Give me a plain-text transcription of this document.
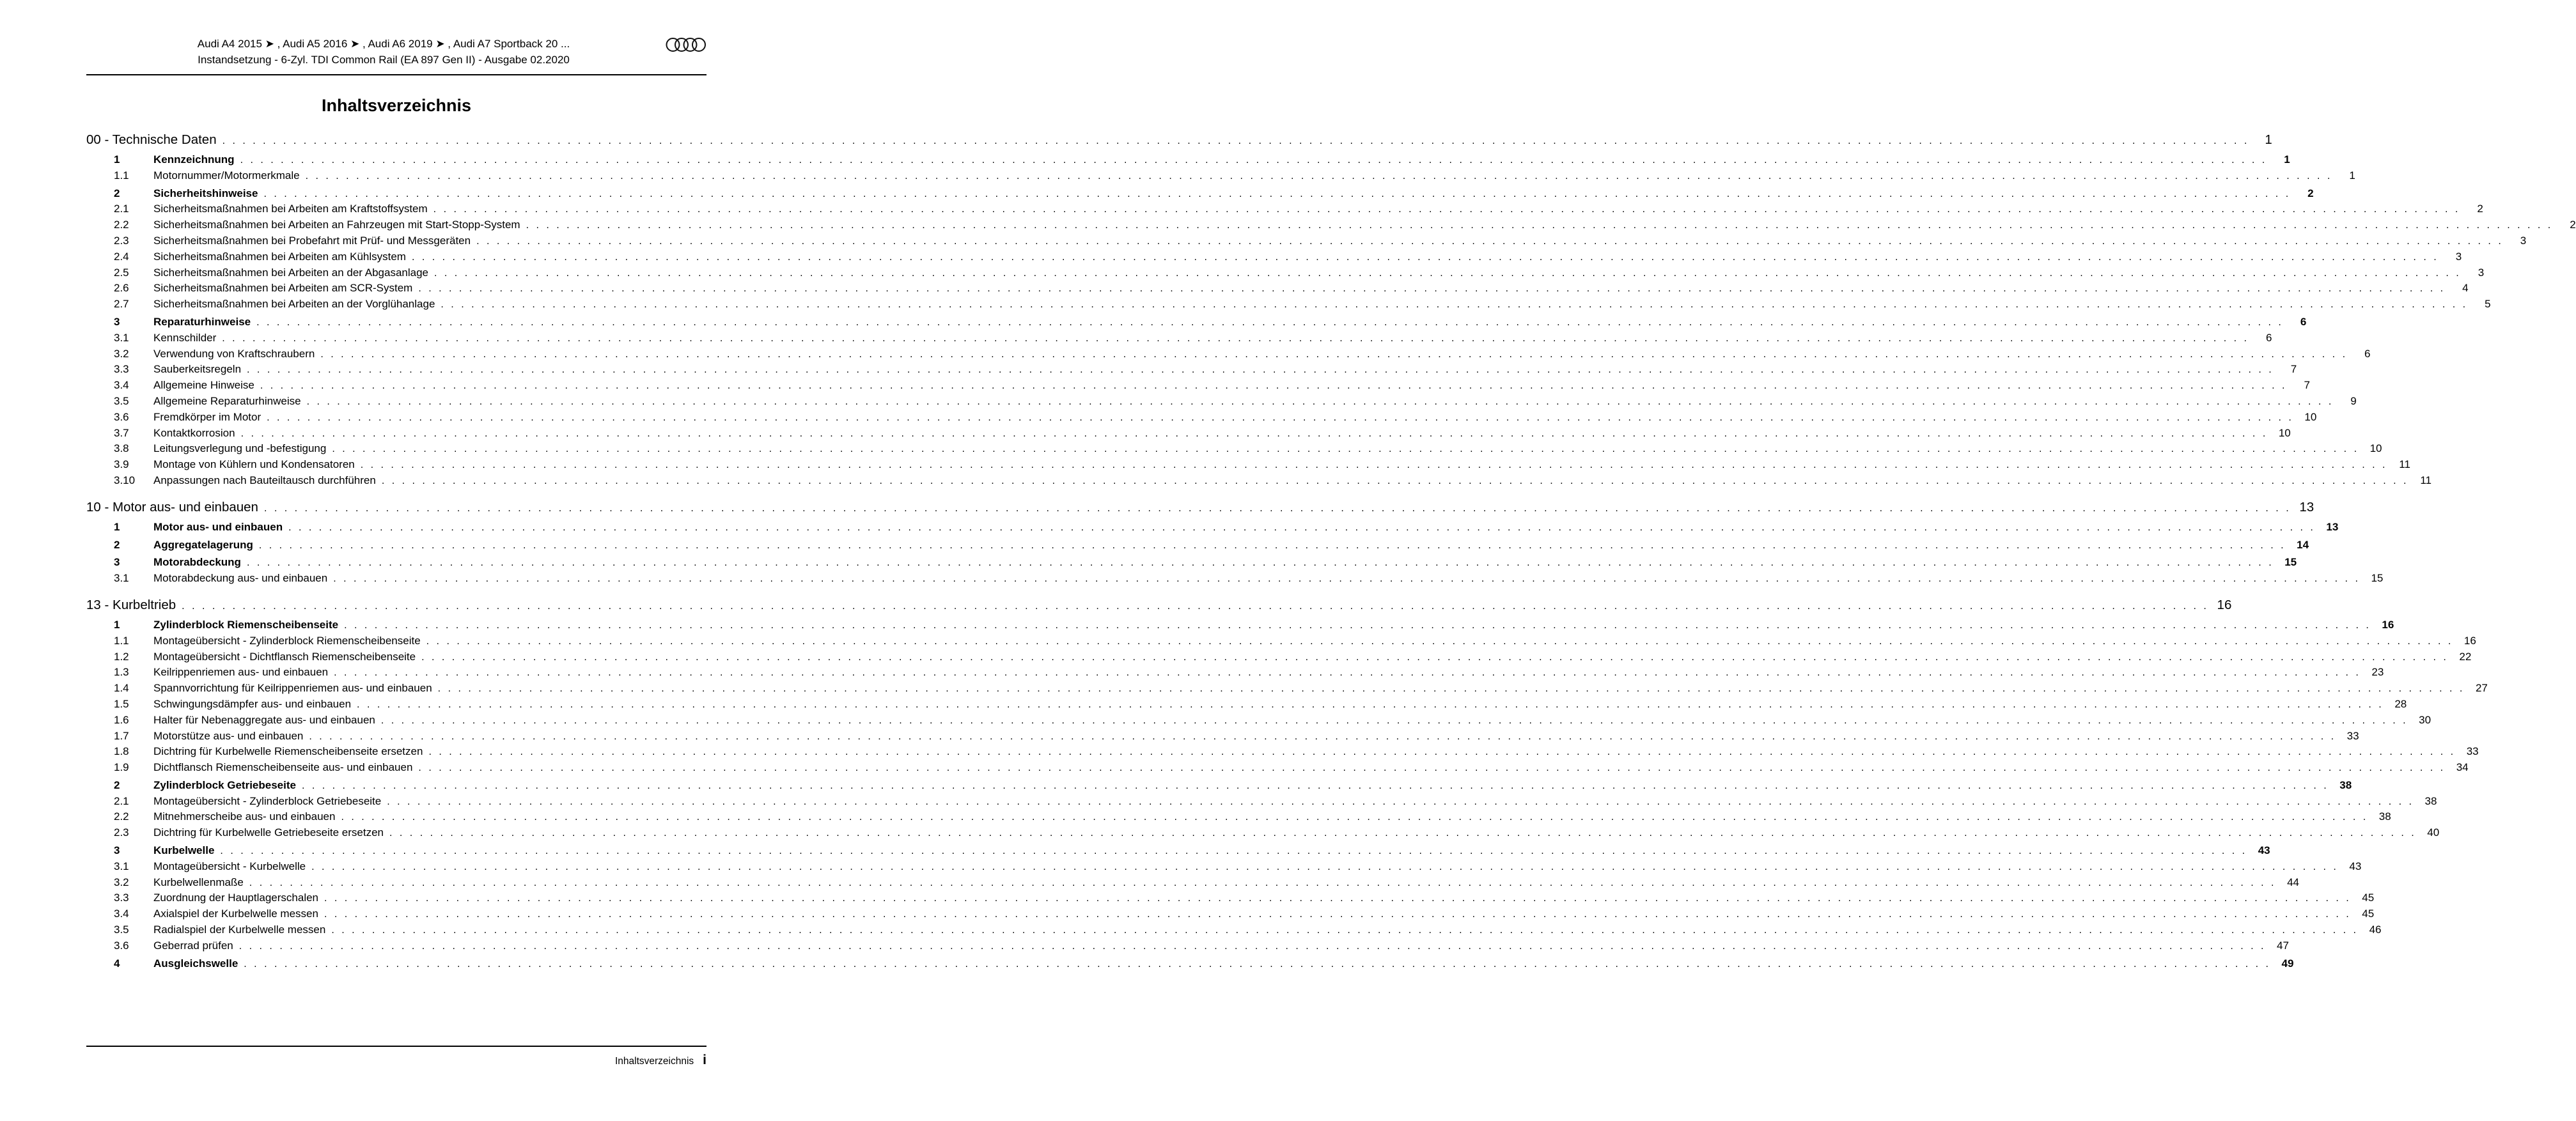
Audi A4 2015 ➤ , Audi A5 2016 ➤ , Audi A6 2019 ➤ , Audi A7 Sportback 20 ...
Instandsetzung - 6-Zyl. TDI Common Rail (EA 897 Gen II) - Ausgabe 02.2020
Inhaltsverzeichnis
00 - Technische Daten . . . . . . . . . . . . . . . . . . . . . . . . . . . . . . . . . . . . . . . . . . . . . . . . . . . . . . . . . . . . . . . . . . . . . . . . . . . . . . . . . . . . . . . . . . . . . . . . . . . . . . . . . . . . . . . . . . . . . . . . . . . . . . . . . . . . . . . . . . . . . . . . . . . . . . . . . . . . . . . . . . . . . . . . . . . . . . . . . . . . . . . . . . . . . . . . . . . . . . . .	1
1	Kennzeichnung . . . . . . . . . . . . . . . . . . . . . . . . . . . . . . . . . . . . . . . . . . . . . . . . . . . . . . . . . . . . . . . . . . . . . . . . . . . . . . . . . . . . . . . . . . . . . . . . . . . . . . . . . . . . . . . . . . . . . . . . . . . . . . . . . . . . . . . . . . . . . . . . . . . . . . . . . . . . . . . . . . . . . . . . . . . . . . . . . . . . . . . . . . . . . . . . . . . . . . . .	1
1.1	Motornummer/Motormerkmale . . . . . . . . . . . . . . . . . . . . . . . . . . . . . . . . . . . . . . . . . . . . . . . . . . . . . . . . . . . . . . . . . . . . . . . . . . . . . . . . . . . . . . . . . . . . . . . . . . . . . . . . . . . . . . . . . . . . . . . . . . . . . . . . . . . . . . . . . . . . . . . . . . . . . . . . . . . . . . . . . . . . . . . . . . . . . . . . . . . . . . . . . . . . . . . . . . . . . . . .	1
2	Sicherheitshinweise . . . . . . . . . . . . . . . . . . . . . . . . . . . . . . . . . . . . . . . . . . . . . . . . . . . . . . . . . . . . . . . . . . . . . . . . . . . . . . . . . . . . . . . . . . . . . . . . . . . . . . . . . . . . . . . . . . . . . . . . . . . . . . . . . . . . . . . . . . . . . . . . . . . . . . . . . . . . . . . . . . . . . . . . . . . . . . . . . . . . . . . . . . . . . . . . . . . . . . . .	2
2.1	Sicherheitsmaßnahmen bei Arbeiten am Kraftstoffsystem . . . . . . . . . . . . . . . . . . . . . . . . . . . . . . . . . . . . . . . . . . . . . . . . . . . . . . . . . . . . . . . . . . . . . . . . . . . . . . . . . . . . . . . . . . . . . . . . . . . . . . . . . . . . . . . . . . . . . . . . . . . . . . . . . . . . . . . . . . . . . . . . . . . . . . . . . . . . . . . . . . . . . . . . . . . . . . . . . . . . . . . . . . . . . . . . . . . . . . . .	2
2.2	Sicherheitsmaßnahmen bei Arbeiten an Fahrzeugen mit Start-Stopp-System . . . . . . . . . . . . . . . . . . . . . . . . . . . . . . . . . . . . . . . . . . . . . . . . . . . . . . . . . . . . . . . . . . . . . . . . . . . . . . . . . . . . . . . . . . . . . . . . . . . . . . . . . . . . . . . . . . . . . . . . . . . . . . . . . . . . . . . . . . . . . . . . . . . . . . . . . . . . . . . . . . . . . . . . . . . . . . . . . . . . . . . . . . . . . . . . . . . . . . . .	2
2.3	Sicherheitsmaßnahmen bei Probefahrt mit Prüf- und Messgeräten . . . . . . . . . . . . . . . . . . . . . . . . . . . . . . . . . . . . . . . . . . . . . . . . . . . . . . . . . . . . . . . . . . . . . . . . . . . . . . . . . . . . . . . . . . . . . . . . . . . . . . . . . . . . . . . . . . . . . . . . . . . . . . . . . . . . . . . . . . . . . . . . . . . . . . . . . . . . . . . . . . . . . . . . . . . . . . . . . . . . . . . . . . . . . . . . . . . . . . . .	3
2.4	Sicherheitsmaßnahmen bei Arbeiten am Kühlsystem . . . . . . . . . . . . . . . . . . . . . . . . . . . . . . . . . . . . . . . . . . . . . . . . . . . . . . . . . . . . . . . . . . . . . . . . . . . . . . . . . . . . . . . . . . . . . . . . . . . . . . . . . . . . . . . . . . . . . . . . . . . . . . . . . . . . . . . . . . . . . . . . . . . . . . . . . . . . . . . . . . . . . . . . . . . . . . . . . . . . . . . . . . . . . . . . . . . . . . . .	3
2.5	Sicherheitsmaßnahmen bei Arbeiten an der Abgasanlage . . . . . . . . . . . . . . . . . . . . . . . . . . . . . . . . . . . . . . . . . . . . . . . . . . . . . . . . . . . . . . . . . . . . . . . . . . . . . . . . . . . . . . . . . . . . . . . . . . . . . . . . . . . . . . . . . . . . . . . . . . . . . . . . . . . . . . . . . . . . . . . . . . . . . . . . . . . . . . . . . . . . . . . . . . . . . . . . . . . . . . . . . . . . . . . . . . . . . . . .	3
2.6	Sicherheitsmaßnahmen bei Arbeiten am SCR-System . . . . . . . . . . . . . . . . . . . . . . . . . . . . . . . . . . . . . . . . . . . . . . . . . . . . . . . . . . . . . . . . . . . . . . . . . . . . . . . . . . . . . . . . . . . . . . . . . . . . . . . . . . . . . . . . . . . . . . . . . . . . . . . . . . . . . . . . . . . . . . . . . . . . . . . . . . . . . . . . . . . . . . . . . . . . . . . . . . . . . . . . . . . . . . . . . . . . . . . .	4
2.7	Sicherheitsmaßnahmen bei Arbeiten an der Vorglühanlage . . . . . . . . . . . . . . . . . . . . . . . . . . . . . . . . . . . . . . . . . . . . . . . . . . . . . . . . . . . . . . . . . . . . . . . . . . . . . . . . . . . . . . . . . . . . . . . . . . . . . . . . . . . . . . . . . . . . . . . . . . . . . . . . . . . . . . . . . . . . . . . . . . . . . . . . . . . . . . . . . . . . . . . . . . . . . . . . . . . . . . . . . . . . . . . . . . . . . . . .	5
3	Reparaturhinweise . . . . . . . . . . . . . . . . . . . . . . . . . . . . . . . . . . . . . . . . . . . . . . . . . . . . . . . . . . . . . . . . . . . . . . . . . . . . . . . . . . . . . . . . . . . . . . . . . . . . . . . . . . . . . . . . . . . . . . . . . . . . . . . . . . . . . . . . . . . . . . . . . . . . . . . . . . . . . . . . . . . . . . . . . . . . . . . . . . . . . . . . . . . . . . . . . . . . . . . .	6
3.1	Kennschilder . . . . . . . . . . . . . . . . . . . . . . . . . . . . . . . . . . . . . . . . . . . . . . . . . . . . . . . . . . . . . . . . . . . . . . . . . . . . . . . . . . . . . . . . . . . . . . . . . . . . . . . . . . . . . . . . . . . . . . . . . . . . . . . . . . . . . . . . . . . . . . . . . . . . . . . . . . . . . . . . . . . . . . . . . . . . . . . . . . . . . . . . . . . . . . . . . . . . . . . .	6
3.2	Verwendung von Kraftschraubern . . . . . . . . . . . . . . . . . . . . . . . . . . . . . . . . . . . . . . . . . . . . . . . . . . . . . . . . . . . . . . . . . . . . . . . . . . . . . . . . . . . . . . . . . . . . . . . . . . . . . . . . . . . . . . . . . . . . . . . . . . . . . . . . . . . . . . . . . . . . . . . . . . . . . . . . . . . . . . . . . . . . . . . . . . . . . . . . . . . . . . . . . . . . . . . . . . . . . . . .	6
3.3	Sauberkeitsregeln . . . . . . . . . . . . . . . . . . . . . . . . . . . . . . . . . . . . . . . . . . . . . . . . . . . . . . . . . . . . . . . . . . . . . . . . . . . . . . . . . . . . . . . . . . . . . . . . . . . . . . . . . . . . . . . . . . . . . . . . . . . . . . . . . . . . . . . . . . . . . . . . . . . . . . . . . . . . . . . . . . . . . . . . . . . . . . . . . . . . . . . . . . . . . . . . . . . . . . . .	7
3.4	Allgemeine Hinweise . . . . . . . . . . . . . . . . . . . . . . . . . . . . . . . . . . . . . . . . . . . . . . . . . . . . . . . . . . . . . . . . . . . . . . . . . . . . . . . . . . . . . . . . . . . . . . . . . . . . . . . . . . . . . . . . . . . . . . . . . . . . . . . . . . . . . . . . . . . . . . . . . . . . . . . . . . . . . . . . . . . . . . . . . . . . . . . . . . . . . . . . . . . . . . . . . . . . . . . .	7
3.5	Allgemeine Reparaturhinweise . . . . . . . . . . . . . . . . . . . . . . . . . . . . . . . . . . . . . . . . . . . . . . . . . . . . . . . . . . . . . . . . . . . . . . . . . . . . . . . . . . . . . . . . . . . . . . . . . . . . . . . . . . . . . . . . . . . . . . . . . . . . . . . . . . . . . . . . . . . . . . . . . . . . . . . . . . . . . . . . . . . . . . . . . . . . . . . . . . . . . . . . . . . . . . . . . . . . . . . .	9
3.6	Fremdkörper im Motor . . . . . . . . . . . . . . . . . . . . . . . . . . . . . . . . . . . . . . . . . . . . . . . . . . . . . . . . . . . . . . . . . . . . . . . . . . . . . . . . . . . . . . . . . . . . . . . . . . . . . . . . . . . . . . . . . . . . . . . . . . . . . . . . . . . . . . . . . . . . . . . . . . . . . . . . . . . . . . . . . . . . . . . . . . . . . . . . . . . . . . . . . . . . . . . . . . . . . . . .	10
3.7	Kontaktkorrosion . . . . . . . . . . . . . . . . . . . . . . . . . . . . . . . . . . . . . . . . . . . . . . . . . . . . . . . . . . . . . . . . . . . . . . . . . . . . . . . . . . . . . . . . . . . . . . . . . . . . . . . . . . . . . . . . . . . . . . . . . . . . . . . . . . . . . . . . . . . . . . . . . . . . . . . . . . . . . . . . . . . . . . . . . . . . . . . . . . . . . . . . . . . . . . . . . . . . . . . .	10
3.8	Leitungsverlegung und -befestigung . . . . . . . . . . . . . . . . . . . . . . . . . . . . . . . . . . . . . . . . . . . . . . . . . . . . . . . . . . . . . . . . . . . . . . . . . . . . . . . . . . . . . . . . . . . . . . . . . . . . . . . . . . . . . . . . . . . . . . . . . . . . . . . . . . . . . . . . . . . . . . . . . . . . . . . . . . . . . . . . . . . . . . . . . . . . . . . . . . . . . . . . . . . . . . . . . . . . . . . .	10
3.9	Montage von Kühlern und Kondensatoren . . . . . . . . . . . . . . . . . . . . . . . . . . . . . . . . . . . . . . . . . . . . . . . . . . . . . . . . . . . . . . . . . . . . . . . . . . . . . . . . . . . . . . . . . . . . . . . . . . . . . . . . . . . . . . . . . . . . . . . . . . . . . . . . . . . . . . . . . . . . . . . . . . . . . . . . . . . . . . . . . . . . . . . . . . . . . . . . . . . . . . . . . . . . . . . . . . . . . . . .	11
3.10	Anpassungen nach Bauteiltausch durchführen . . . . . . . . . . . . . . . . . . . . . . . . . . . . . . . . . . . . . . . . . . . . . . . . . . . . . . . . . . . . . . . . . . . . . . . . . . . . . . . . . . . . . . . . . . . . . . . . . . . . . . . . . . . . . . . . . . . . . . . . . . . . . . . . . . . . . . . . . . . . . . . . . . . . . . . . . . . . . . . . . . . . . . . . . . . . . . . . . . . . . . . . . . . . . . . . . . . . . . . .	11
10 - Motor aus- und einbauen . . . . . . . . . . . . . . . . . . . . . . . . . . . . . . . . . . . . . . . . . . . . . . . . . . . . . . . . . . . . . . . . . . . . . . . . . . . . . . . . . . . . . . . . . . . . . . . . . . . . . . . . . . . . . . . . . . . . . . . . . . . . . . . . . . . . . . . . . . . . . . . . . . . . . . . . . . . . . . . . . . . . . . . . . . . . . . . . . . . . . . . . . . . . . . . . . . . . . . . . 13
1	Motor aus- und einbauen . . . . . . . . . . . . . . . . . . . . . . . . . . . . . . . . . . . . . . . . . . . . . . . . . . . . . . . . . . . . . . . . . . . . . . . . . . . . . . . . . . . . . . . . . . . . . . . . . . . . . . . . . . . . . . . . . . . . . . . . . . . . . . . . . . . . . . . . . . . . . . . . . . . . . . . . . . . . . . . . . . . . . . . . . . . . . . . . . . . . . . . . . . . . . . . . . . . . . . . .	13
2	Aggregatelagerung . . . . . . . . . . . . . . . . . . . . . . . . . . . . . . . . . . . . . . . . . . . . . . . . . . . . . . . . . . . . . . . . . . . . . . . . . . . . . . . . . . . . . . . . . . . . . . . . . . . . . . . . . . . . . . . . . . . . . . . . . . . . . . . . . . . . . . . . . . . . . . . . . . . . . . . . . . . . . . . . . . . . . . . . . . . . . . . . . . . . . . . . . . . . . . . . . . . . . . . .	14
3	Motorabdeckung . . . . . . . . . . . . . . . . . . . . . . . . . . . . . . . . . . . . . . . . . . . . . . . . . . . . . . . . . . . . . . . . . . . . . . . . . . . . . . . . . . . . . . . . . . . . . . . . . . . . . . . . . . . . . . . . . . . . . . . . . . . . . . . . . . . . . . . . . . . . . . . . . . . . . . . . . . . . . . . . . . . . . . . . . . . . . . . . . . . . . . . . . . . . . . . . . . . . . . . .	15
3.1	Motorabdeckung aus- und einbauen . . . . . . . . . . . . . . . . . . . . . . . . . . . . . . . . . . . . . . . . . . . . . . . . . . . . . . . . . . . . . . . . . . . . . . . . . . . . . . . . . . . . . . . . . . . . . . . . . . . . . . . . . . . . . . . . . . . . . . . . . . . . . . . . . . . . . . . . . . . . . . . . . . . . . . . . . . . . . . . . . . . . . . . . . . . . . . . . . . . . . . . . . . . . . . . . . . . . . . . .	15
13 - Kurbeltrieb . . . . . . . . . . . . . . . . . . . . . . . . . . . . . . . . . . . . . . . . . . . . . . . . . . . . . . . . . . . . . . . . . . . . . . . . . . . . . . . . . . . . . . . . . . . . . . . . . . . . . . . . . . . . . . . . . . . . . . . . . . . . . . . . . . . . . . . . . . . . . . . . . . . . . . . . . . . . . . . . . . . . . . . . . . . . . . . . . . . . . . . . . . . . . . . . . . . . . . . . 16
1	Zylinderblock Riemenscheibenseite . . . . . . . . . . . . . . . . . . . . . . . . . . . . . . . . . . . . . . . . . . . . . . . . . . . . . . . . . . . . . . . . . . . . . . . . . . . . . . . . . . . . . . . . . . . . . . . . . . . . . . . . . . . . . . . . . . . . . . . . . . . . . . . . . . . . . . . . . . . . . . . . . . . . . . . . . . . . . . . . . . . . . . . . . . . . . . . . . . . . . . . . . . . . . . . . . . . . . . . .	16
1.1	Montageübersicht - Zylinderblock Riemenscheibenseite . . . . . . . . . . . . . . . . . . . . . . . . . . . . . . . . . . . . . . . . . . . . . . . . . . . . . . . . . . . . . . . . . . . . . . . . . . . . . . . . . . . . . . . . . . . . . . . . . . . . . . . . . . . . . . . . . . . . . . . . . . . . . . . . . . . . . . . . . . . . . . . . . . . . . . . . . . . . . . . . . . . . . . . . . . . . . . . . . . . . . . . . . . . . . . . . . . . . . . . .	16
1.2	Montageübersicht - Dichtflansch Riemenscheibenseite . . . . . . . . . . . . . . . . . . . . . . . . . . . . . . . . . . . . . . . . . . . . . . . . . . . . . . . . . . . . . . . . . . . . . . . . . . . . . . . . . . . . . . . . . . . . . . . . . . . . . . . . . . . . . . . . . . . . . . . . . . . . . . . . . . . . . . . . . . . . . . . . . . . . . . . . . . . . . . . . . . . . . . . . . . . . . . . . . . . . . . . . . . . . . . . . . . . . . . . .	22
1.3	Keilrippenriemen aus- und einbauen . . . . . . . . . . . . . . . . . . . . . . . . . . . . . . . . . . . . . . . . . . . . . . . . . . . . . . . . . . . . . . . . . . . . . . . . . . . . . . . . . . . . . . . . . . . . . . . . . . . . . . . . . . . . . . . . . . . . . . . . . . . . . . . . . . . . . . . . . . . . . . . . . . . . . . . . . . . . . . . . . . . . . . . . . . . . . . . . . . . . . . . . . . . . . . . . . . . . . . . .	23
1.4	Spannvorrichtung für Keilrippenriemen aus- und einbauen . . . . . . . . . . . . . . . . . . . . . . . . . . . . . . . . . . . . . . . . . . . . . . . . . . . . . . . . . . . . . . . . . . . . . . . . . . . . . . . . . . . . . . . . . . . . . . . . . . . . . . . . . . . . . . . . . . . . . . . . . . . . . . . . . . . . . . . . . . . . . . . . . . . . . . . . . . . . . . . . . . . . . . . . . . . . . . . . . . . . . . . . . . . . . . . . . . . . . . . .	27
1.5	Schwingungsdämpfer aus- und einbauen . . . . . . . . . . . . . . . . . . . . . . . . . . . . . . . . . . . . . . . . . . . . . . . . . . . . . . . . . . . . . . . . . . . . . . . . . . . . . . . . . . . . . . . . . . . . . . . . . . . . . . . . . . . . . . . . . . . . . . . . . . . . . . . . . . . . . . . . . . . . . . . . . . . . . . . . . . . . . . . . . . . . . . . . . . . . . . . . . . . . . . . . . . . . . . . . . . . . . . . .	28
1.6	Halter für Nebenaggregate aus- und einbauen . . . . . . . . . . . . . . . . . . . . . . . . . . . . . . . . . . . . . . . . . . . . . . . . . . . . . . . . . . . . . . . . . . . . . . . . . . . . . . . . . . . . . . . . . . . . . . . . . . . . . . . . . . . . . . . . . . . . . . . . . . . . . . . . . . . . . . . . . . . . . . . . . . . . . . . . . . . . . . . . . . . . . . . . . . . . . . . . . . . . . . . . . . . . . . . . . . . . . . . .	30
1.7	Motorstütze aus- und einbauen . . . . . . . . . . . . . . . . . . . . . . . . . . . . . . . . . . . . . . . . . . . . . . . . . . . . . . . . . . . . . . . . . . . . . . . . . . . . . . . . . . . . . . . . . . . . . . . . . . . . . . . . . . . . . . . . . . . . . . . . . . . . . . . . . . . . . . . . . . . . . . . . . . . . . . . . . . . . . . . . . . . . . . . . . . . . . . . . . . . . . . . . . . . . . . . . . . . . . . . .	33
1.8	Dichtring für Kurbelwelle Riemenscheibenseite ersetzen . . . . . . . . . . . . . . . . . . . . . . . . . . . . . . . . . . . . . . . . . . . . . . . . . . . . . . . . . . . . . . . . . . . . . . . . . . . . . . . . . . . . . . . . . . . . . . . . . . . . . . . . . . . . . . . . . . . . . . . . . . . . . . . . . . . . . . . . . . . . . . . . . . . . . . . . . . . . . . . . . . . . . . . . . . . . . . . . . . . . . . . . . . . . . . . . . . . . . . . .	33
1.9	Dichtflansch Riemenscheibenseite aus- und einbauen . . . . . . . . . . . . . . . . . . . . . . . . . . . . . . . . . . . . . . . . . . . . . . . . . . . . . . . . . . . . . . . . . . . . . . . . . . . . . . . . . . . . . . . . . . . . . . . . . . . . . . . . . . . . . . . . . . . . . . . . . . . . . . . . . . . . . . . . . . . . . . . . . . . . . . . . . . . . . . . . . . . . . . . . . . . . . . . . . . . . . . . . . . . . . . . . . . . . . . . .	34
2	Zylinderblock Getriebeseite . . . . . . . . . . . . . . . . . . . . . . . . . . . . . . . . . . . . . . . . . . . . . . . . . . . . . . . . . . . . . . . . . . . . . . . . . . . . . . . . . . . . . . . . . . . . . . . . . . . . . . . . . . . . . . . . . . . . . . . . . . . . . . . . . . . . . . . . . . . . . . . . . . . . . . . . . . . . . . . . . . . . . . . . . . . . . . . . . . . . . . . . . . . . . . . . . . . . . . . .	38
2.1	Montageübersicht - Zylinderblock Getriebeseite . . . . . . . . . . . . . . . . . . . . . . . . . . . . . . . . . . . . . . . . . . . . . . . . . . . . . . . . . . . . . . . . . . . . . . . . . . . . . . . . . . . . . . . . . . . . . . . . . . . . . . . . . . . . . . . . . . . . . . . . . . . . . . . . . . . . . . . . . . . . . . . . . . . . . . . . . . . . . . . . . . . . . . . . . . . . . . . . . . . . . . . . . . . . . . . . . . . . . . . .	38
2.2	Mitnehmerscheibe aus- und einbauen . . . . . . . . . . . . . . . . . . . . . . . . . . . . . . . . . . . . . . . . . . . . . . . . . . . . . . . . . . . . . . . . . . . . . . . . . . . . . . . . . . . . . . . . . . . . . . . . . . . . . . . . . . . . . . . . . . . . . . . . . . . . . . . . . . . . . . . . . . . . . . . . . . . . . . . . . . . . . . . . . . . . . . . . . . . . . . . . . . . . . . . . . . . . . . . . . . . . . . . .	38
2.3	Dichtring für Kurbelwelle Getriebeseite ersetzen . . . . . . . . . . . . . . . . . . . . . . . . . . . . . . . . . . . . . . . . . . . . . . . . . . . . . . . . . . . . . . . . . . . . . . . . . . . . . . . . . . . . . . . . . . . . . . . . . . . . . . . . . . . . . . . . . . . . . . . . . . . . . . . . . . . . . . . . . . . . . . . . . . . . . . . . . . . . . . . . . . . . . . . . . . . . . . . . . . . . . . . . . . . . . . . . . . . . . . . .	40
3	Kurbelwelle . . . . . . . . . . . . . . . . . . . . . . . . . . . . . . . . . . . . . . . . . . . . . . . . . . . . . . . . . . . . . . . . . . . . . . . . . . . . . . . . . . . . . . . . . . . . . . . . . . . . . . . . . . . . . . . . . . . . . . . . . . . . . . . . . . . . . . . . . . . . . . . . . . . . . . . . . . . . . . . . . . . . . . . . . . . . . . . . . . . . . . . . . . . . . . . . . . . . . . . .	43
3.1	Montageübersicht - Kurbelwelle . . . . . . . . . . . . . . . . . . . . . . . . . . . . . . . . . . . . . . . . . . . . . . . . . . . . . . . . . . . . . . . . . . . . . . . . . . . . . . . . . . . . . . . . . . . . . . . . . . . . . . . . . . . . . . . . . . . . . . . . . . . . . . . . . . . . . . . . . . . . . . . . . . . . . . . . . . . . . . . . . . . . . . . . . . . . . . . . . . . . . . . . . . . . . . . . . . . . . . . .	43
3.2	Kurbelwellenmaße . . . . . . . . . . . . . . . . . . . . . . . . . . . . . . . . . . . . . . . . . . . . . . . . . . . . . . . . . . . . . . . . . . . . . . . . . . . . . . . . . . . . . . . . . . . . . . . . . . . . . . . . . . . . . . . . . . . . . . . . . . . . . . . . . . . . . . . . . . . . . . . . . . . . . . . . . . . . . . . . . . . . . . . . . . . . . . . . . . . . . . . . . . . . . . . . . . . . . . . .	44
3.3	Zuordnung der Hauptlagerschalen . . . . . . . . . . . . . . . . . . . . . . . . . . . . . . . . . . . . . . . . . . . . . . . . . . . . . . . . . . . . . . . . . . . . . . . . . . . . . . . . . . . . . . . . . . . . . . . . . . . . . . . . . . . . . . . . . . . . . . . . . . . . . . . . . . . . . . . . . . . . . . . . . . . . . . . . . . . . . . . . . . . . . . . . . . . . . . . . . . . . . . . . . . . . . . . . . . . . . . . .	45
3.4	Axialspiel der Kurbelwelle messen . . . . . . . . . . . . . . . . . . . . . . . . . . . . . . . . . . . . . . . . . . . . . . . . . . . . . . . . . . . . . . . . . . . . . . . . . . . . . . . . . . . . . . . . . . . . . . . . . . . . . . . . . . . . . . . . . . . . . . . . . . . . . . . . . . . . . . . . . . . . . . . . . . . . . . . . . . . . . . . . . . . . . . . . . . . . . . . . . . . . . . . . . . . . . . . . . . . . . . . .	45
3.5	Radialspiel der Kurbelwelle messen . . . . . . . . . . . . . . . . . . . . . . . . . . . . . . . . . . . . . . . . . . . . . . . . . . . . . . . . . . . . . . . . . . . . . . . . . . . . . . . . . . . . . . . . . . . . . . . . . . . . . . . . . . . . . . . . . . . . . . . . . . . . . . . . . . . . . . . . . . . . . . . . . . . . . . . . . . . . . . . . . . . . . . . . . . . . . . . . . . . . . . . . . . . . . . . . . . . . . . . .	46
3.6	Geberrad prüfen . . . . . . . . . . . . . . . . . . . . . . . . . . . . . . . . . . . . . . . . . . . . . . . . . . . . . . . . . . . . . . . . . . . . . . . . . . . . . . . . . . . . . . . . . . . . . . . . . . . . . . . . . . . . . . . . . . . . . . . . . . . . . . . . . . . . . . . . . . . . . . . . . . . . . . . . . . . . . . . . . . . . . . . . . . . . . . . . . . . . . . . . . . . . . . . . . . . . . . . .	47
4	Ausgleichswelle . . . . . . . . . . . . . . . . . . . . . . . . . . . . . . . . . . . . . . . . . . . . . . . . . . . . . . . . . . . . . . . . . . . . . . . . . . . . . . . . . . . . . . . . . . . . . . . . . . . . . . . . . . . . . . . . . . . . . . . . . . . . . . . . . . . . . . . . . . . . . . . . . . . . . . . . . . . . . . . . . . . . . . . . . . . . . . . . . . . . . . . . . . . . . . . . . . . . . . . .	49
Inhaltsverzeichnis i
